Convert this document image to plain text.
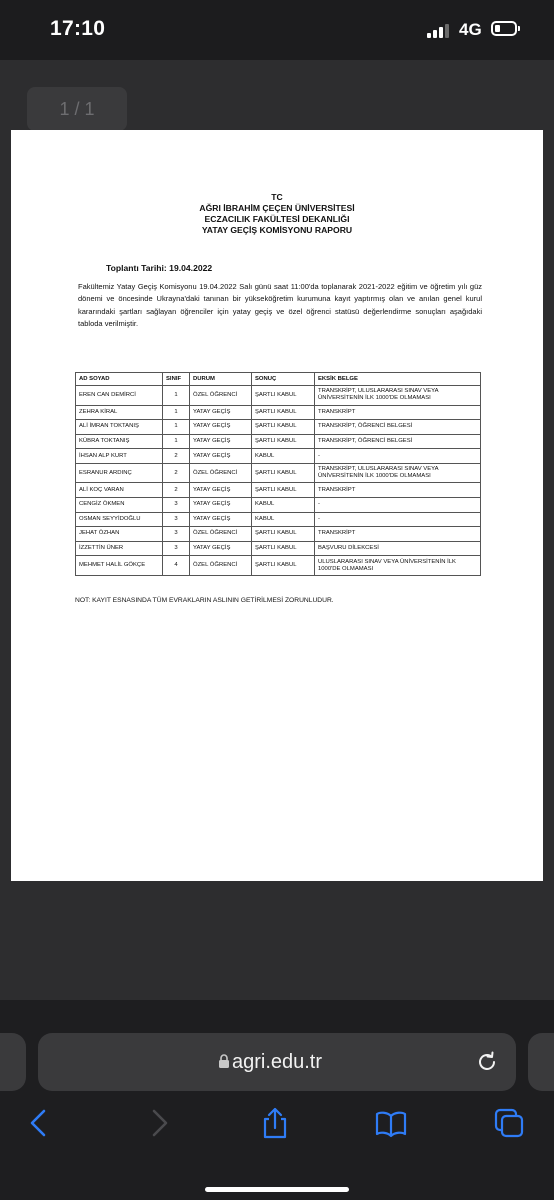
17:10	4G
1 / 1
TC
AĞRI İBRAHİM ÇEÇEN ÜNİVERSİTESİ
ECZACILIK FAKÜLTESİ DEKANLIĞI
YATAY GEÇİŞ KOMİSYONU RAPORU
Toplantı Tarihi: 19.04.2022
Fakültemiz Yatay Geçiş Komisyonu 19.04.2022 Salı günü saat 11:00'da toplanarak 2021-2022 eğitim ve öğretim yılı güz dönemi ve öncesinde Ukrayna'daki tanınan bir yükseköğretim kurumuna kayıt yaptırmış olan ve anılan genel kurul kararındaki şartları sağlayan öğrenciler için yatay geçiş ve özel öğrenci statüsü değerlendirme sonuçları aşağıdaki tabloda verilmiştir.
AD SOYAD	SINIF	DURUM	SONUÇ	EKSİK BELGE
EREN CAN DEMİRCİ	1	ÖZEL ÖĞRENCİ	ŞARTLI KABUL	TRANSKRİPT, ULUSLARARASI SINAV VEYA ÜNİVERSİTENİN İLK 1000'DE OLMAMASI
ZEHRA KİRAL	1	YATAY GEÇİŞ	ŞARTLI KABUL	TRANSKRİPT
ALİ İMRAN TOKTANIŞ	1	YATAY GEÇİŞ	ŞARTLI KABUL	TRANSKRİPT, ÖĞRENCİ BELGESİ
KÜBRA TOKTANIŞ	1	YATAY GEÇİŞ	ŞARTLI KABUL	TRANSKRİPT, ÖĞRENCİ BELGESİ
İHSAN ALP KURT	2	YATAY GEÇİŞ	KABUL	-
ESRANUR ARDINÇ	2	ÖZEL ÖĞRENCİ	ŞARTLI KABUL	TRANSKRİPT, ULUSLARARASI SINAV VEYA ÜNİVERSİTENİN İLK 1000'DE OLMAMASI
ALİ KOÇ VARAN	2	YATAY GEÇİŞ	ŞARTLI KABUL	TRANSKRİPT
CENGİZ ÖKMEN	3	YATAY GEÇİŞ	KABUL	-
OSMAN SEYYİDOĞLU	3	YATAY GEÇİŞ	KABUL	-
JEHAT ÖZHAN	3	ÖZEL ÖĞRENCİ	ŞARTLI KABUL	TRANSKRİPT
İZZETTİN ÜNER	3	YATAY GEÇİŞ	ŞARTLI KABUL	BAŞVURU DİLEKCESİ
MEHMET HALİL GÖKÇE	4	ÖZEL ÖĞRENCİ	ŞARTLI KABUL	ULUSLARARASI SINAV VEYA ÜNİVERSİTENİN İLK 1000'DE OLMAMASI
NOT: KAYIT ESNASINDA TÜM EVRAKLARIN ASLININ GETİRİLMESİ ZORUNLUDUR.
agri.edu.tr
